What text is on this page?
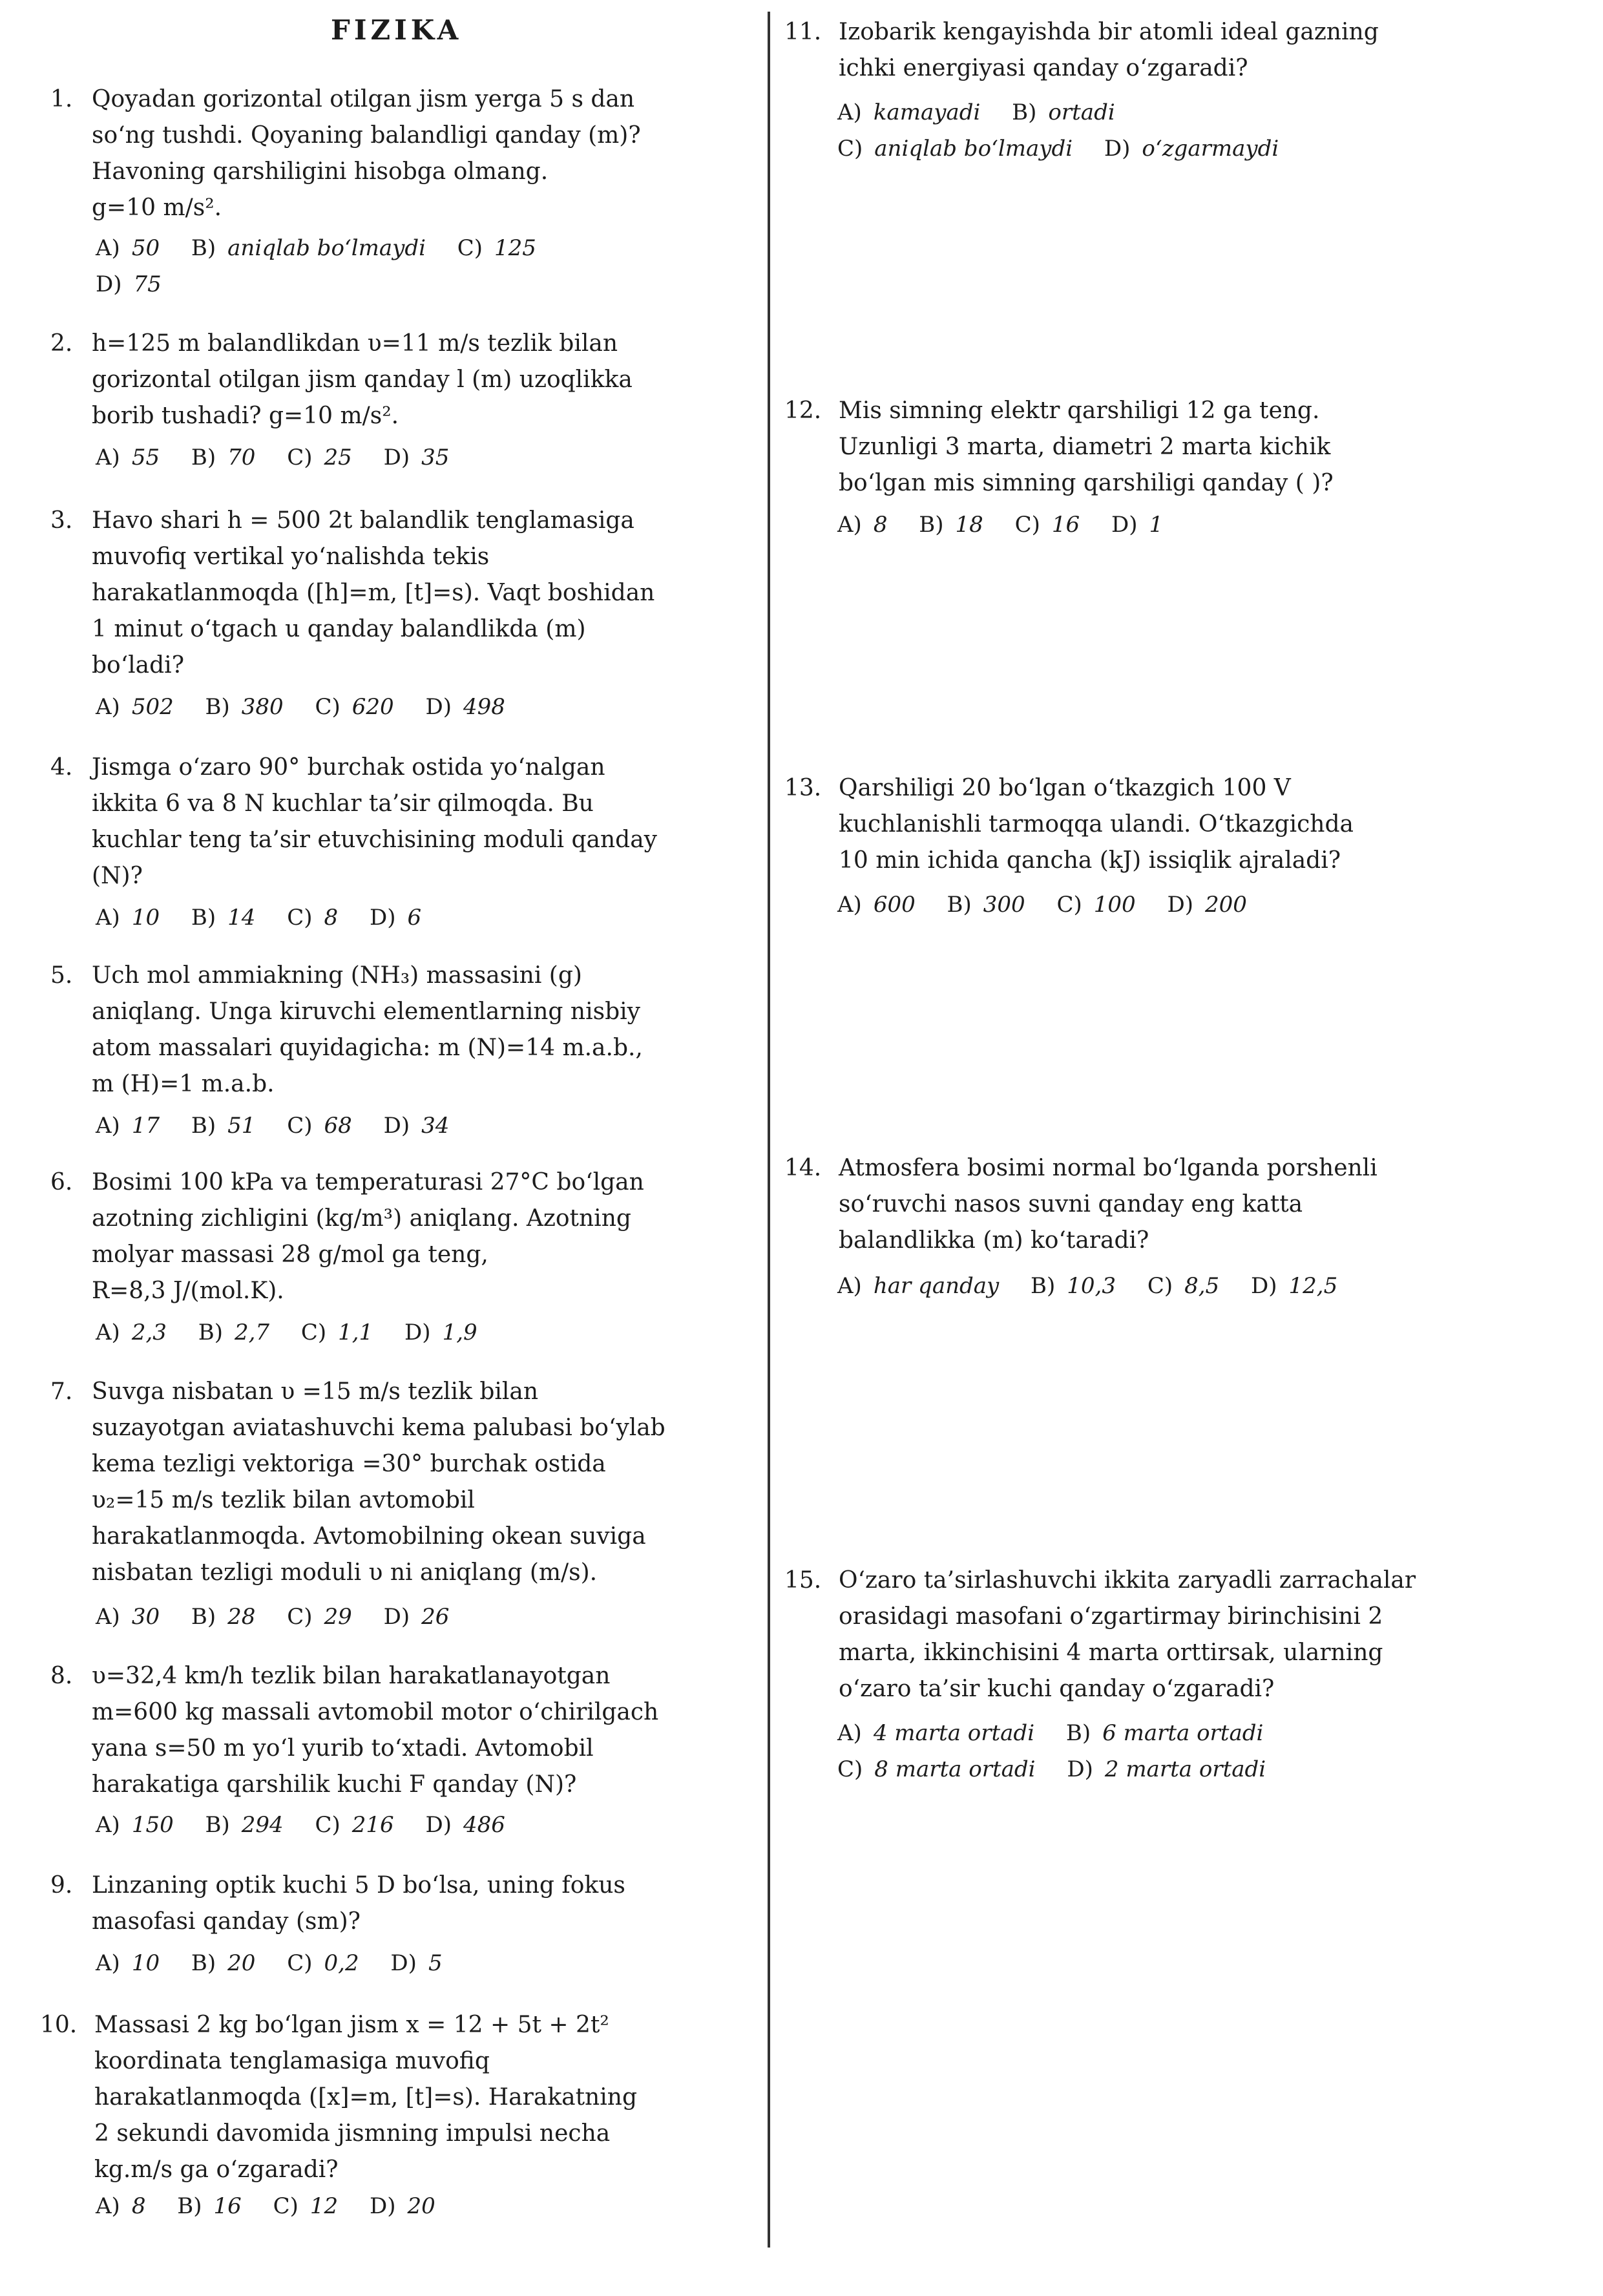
FIZIKA
1. Qoyadan gorizontal otilgan jism yerga 5 s dan
so‘ng tushdi. Qoyaning balandligi qanday (m)?
Havoning qarshiligini hisobga olmang.
g=10 m/s².
A) 50 B) aniqlab bo‘lmaydi C) 125
D) 75
2. h=125 m balandlikdan υ=11 m/s tezlik bilan
gorizontal otilgan jism qanday l (m) uzoqlikka
borib tushadi? g=10 m/s².
A) 55 B) 70 C) 25 D) 35
3. Havo shari h = 500 2t balandlik tenglamasiga
muvofiq vertikal yo‘nalishda tekis
harakatlanmoqda ([h]=m, [t]=s). Vaqt boshidan
1 minut o‘tgach u qanday balandlikda (m)
bo‘ladi?
A) 502 B) 380 C) 620 D) 498
4. Jismga o‘zaro 90° burchak ostida yo‘nalgan
ikkita 6 va 8 N kuchlar ta’sir qilmoqda. Bu
kuchlar teng ta’sir etuvchisining moduli qanday
(N)?
A) 10 B) 14 C) 8 D) 6
5. Uch mol ammiakning (NH₃) massasini (g)
aniqlang. Unga kiruvchi elementlarning nisbiy
atom massalari quyidagicha: m (N)=14 m.a.b.,
m (H)=1 m.a.b.
A) 17 B) 51 C) 68 D) 34
6. Bosimi 100 kPa va temperaturasi 27°C bo‘lgan
azotning zichligini (kg/m³) aniqlang. Azotning
molyar massasi 28 g/mol ga teng,
R=8,3 J/(mol.K).
A) 2,3 B) 2,7 C) 1,1 D) 1,9
7. Suvga nisbatan υ =15 m/s tezlik bilan
suzayotgan aviatashuvchi kema palubasi bo‘ylab
kema tezligi vektoriga =30° burchak ostida
υ₂=15 m/s tezlik bilan avtomobil
harakatlanmoqda. Avtomobilning okean suviga
nisbatan tezligi moduli υ ni aniqlang (m/s).
A) 30 B) 28 C) 29 D) 26
8. υ=32,4 km/h tezlik bilan harakatlanayotgan
m=600 kg massali avtomobil motor o‘chirilgach
yana s=50 m yo‘l yurib to‘xtadi. Avtomobil
harakatiga qarshilik kuchi F qanday (N)?
A) 150 B) 294 C) 216 D) 486
9. Linzaning optik kuchi 5 D bo‘lsa, uning fokus
masofasi qanday (sm)?
A) 10 B) 20 C) 0,2 D) 5
10. Massasi 2 kg bo‘lgan jism x = 12 + 5t + 2t²
koordinata tenglamasiga muvofiq
harakatlanmoqda ([x]=m, [t]=s). Harakatning
2 sekundi davomida jismning impulsi necha
kg.m/s ga o‘zgaradi?
A) 8 B) 16 C) 12 D) 20
11. Izobarik kengayishda bir atomli ideal gazning
ichki energiyasi qanday o‘zgaradi?
A) kamayadi B) ortadi
C) aniqlab bo‘lmaydi D) o‘zgarmaydi
12. Mis simning elektr qarshiligi 12 ga teng.
Uzunligi 3 marta, diametri 2 marta kichik
bo‘lgan mis simning qarshiligi qanday ( )?
A) 8 B) 18 C) 16 D) 1
13. Qarshiligi 20 bo‘lgan o‘tkazgich 100 V
kuchlanishli tarmoqqa ulandi. O‘tkazgichda
10 min ichida qancha (kJ) issiqlik ajraladi?
A) 600 B) 300 C) 100 D) 200
14. Atmosfera bosimi normal bo‘lganda porshenli
so‘ruvchi nasos suvni qanday eng katta
balandlikka (m) ko‘taradi?
A) har qanday B) 10,3 C) 8,5 D) 12,5
15. O‘zaro ta’sirlashuvchi ikkita zaryadli zarrachalar
orasidagi masofani o‘zgartirmay birinchisini 2
marta, ikkinchisini 4 marta orttirsak, ularning
o‘zaro ta’sir kuchi qanday o‘zgaradi?
A) 4 marta ortadi B) 6 marta ortadi
C) 8 marta ortadi D) 2 marta ortadi
